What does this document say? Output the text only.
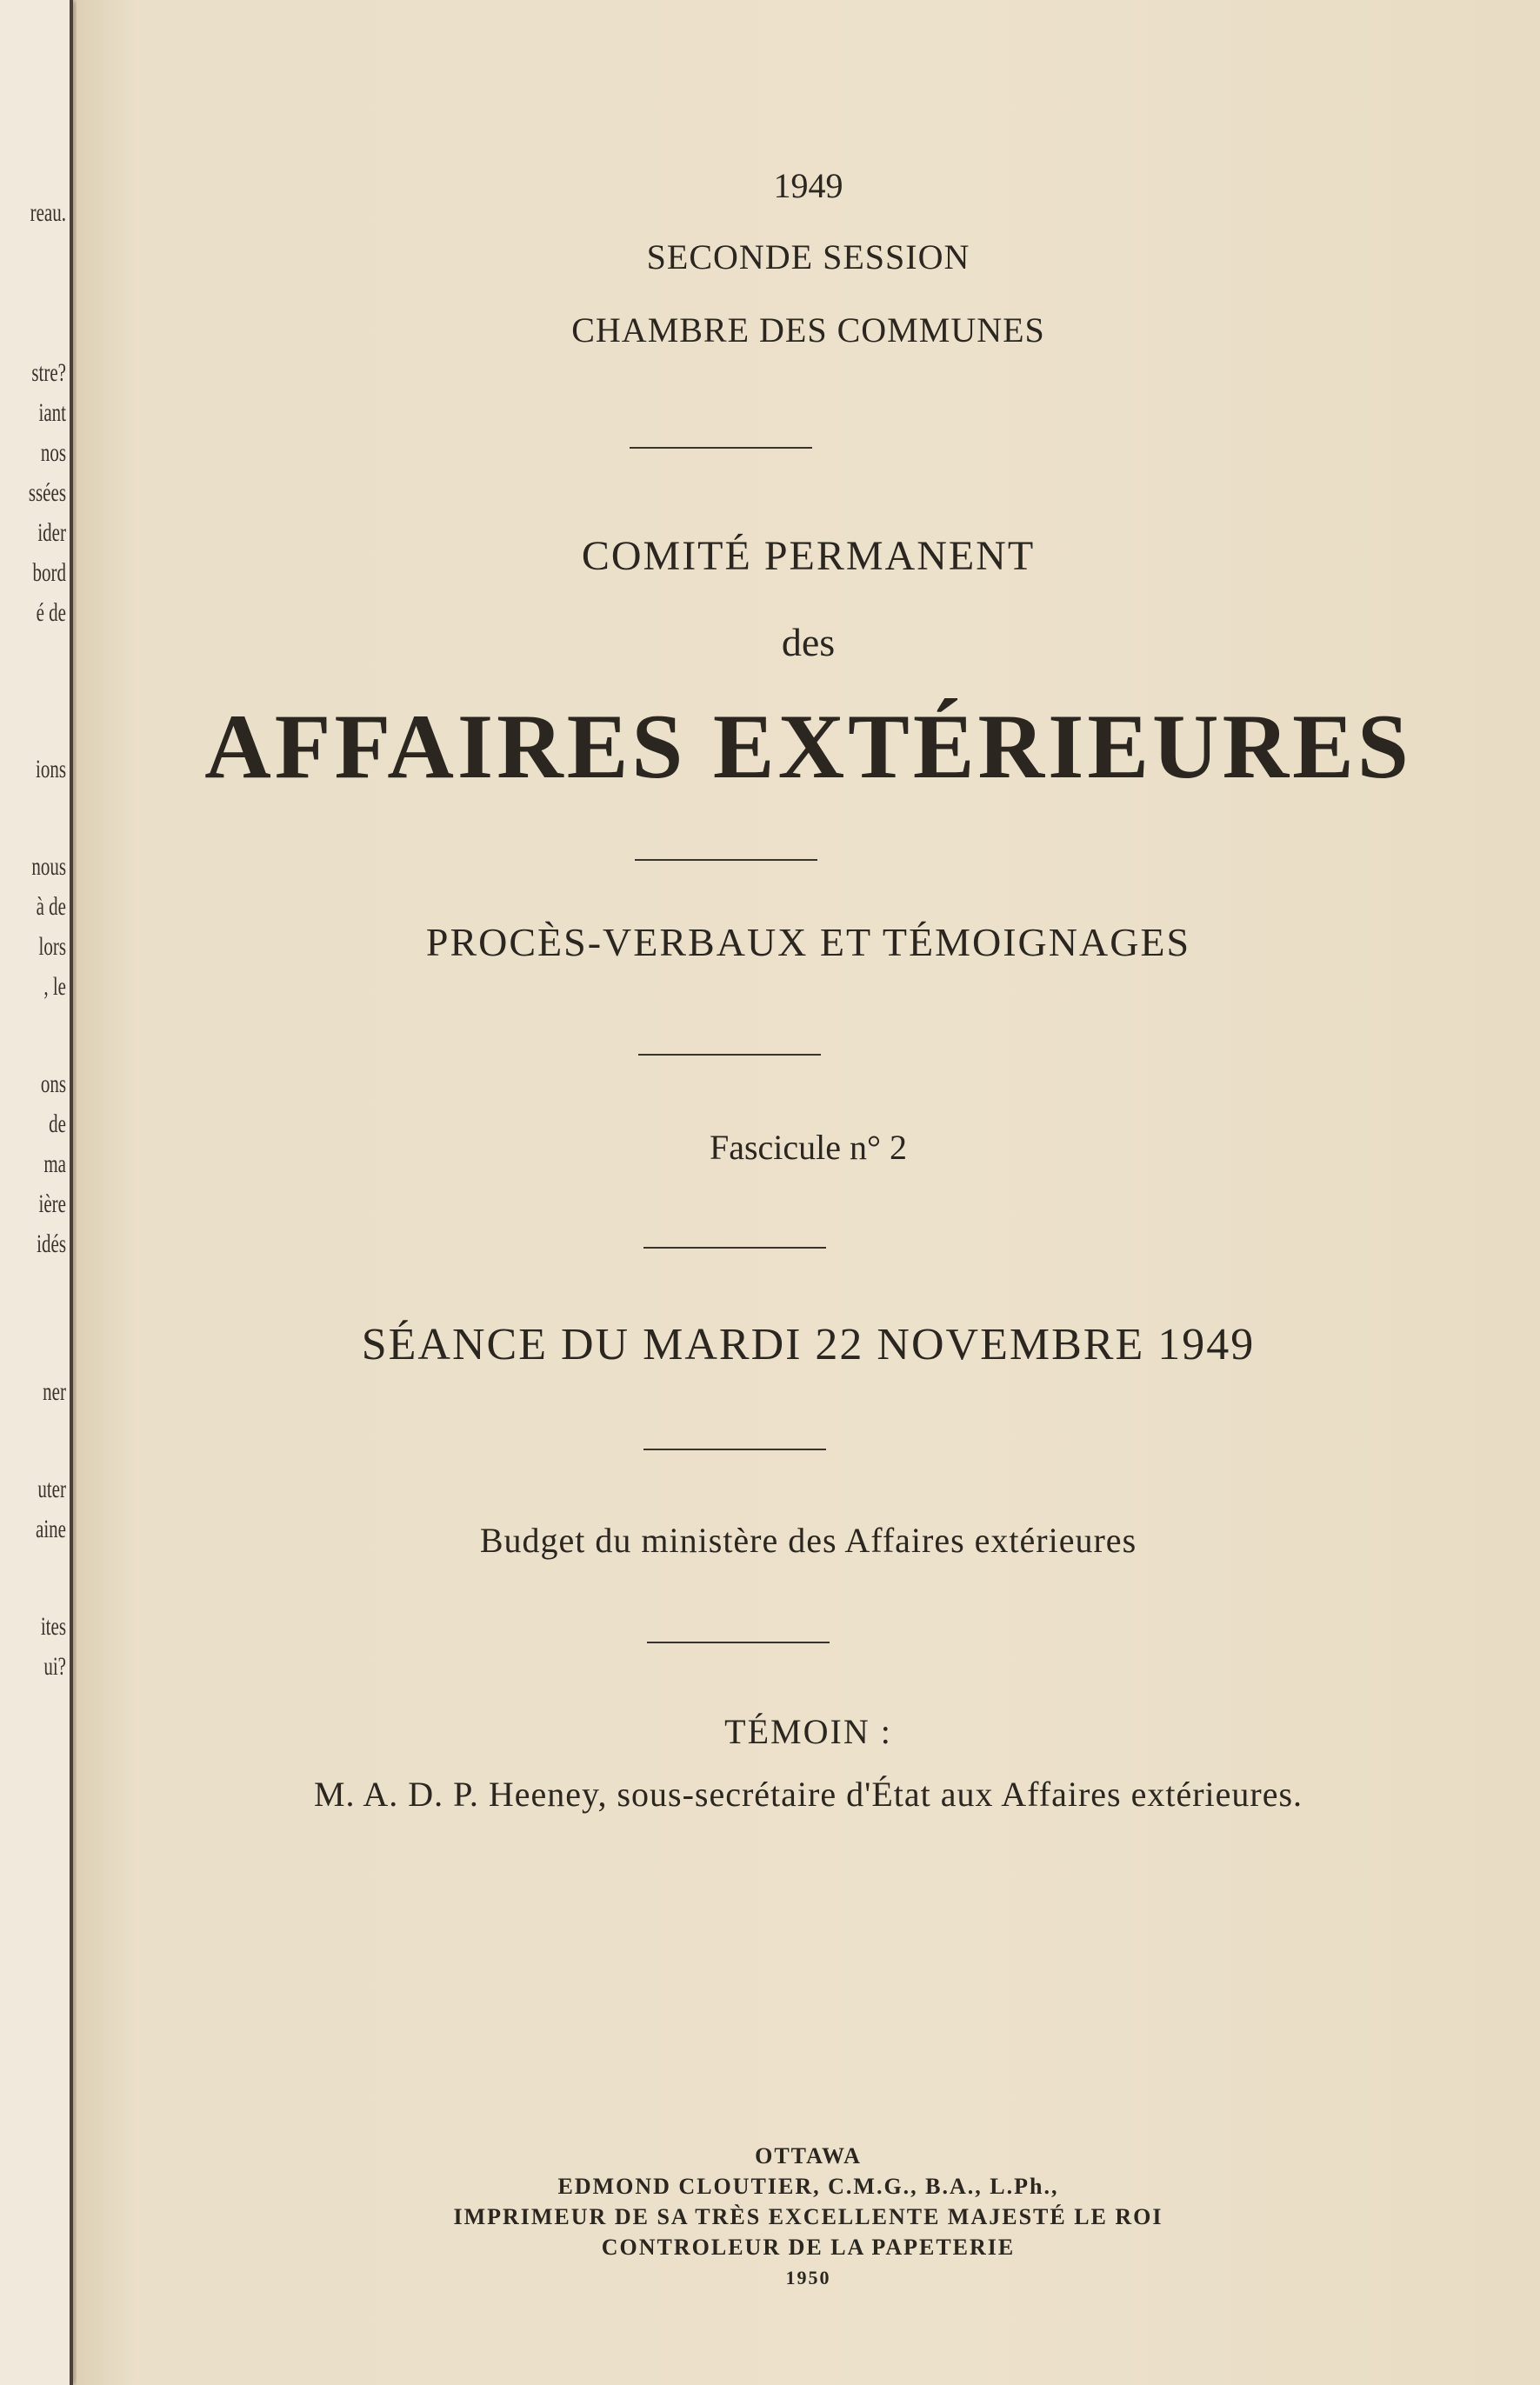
reau.
stre?
iant
nos
ssées
ider
bord
é de
ions
nous
à de
lors
, le
ons
de
ma
ière
idés
ner
uter
aine
ites
ui?
1949
SECONDE SESSION
CHAMBRE DES COMMUNES
COMITÉ PERMANENT
des
AFFAIRES EXTÉRIEURES
PROCÈS-VERBAUX ET TÉMOIGNAGES
Fascicule n° 2
SÉANCE DU MARDI 22 NOVEMBRE 1949
Budget du ministère des Affaires extérieures
TÉMOIN :
M. A. D. P. Heeney, sous-secrétaire d'État aux Affaires extérieures.
OTTAWA
EDMOND CLOUTIER, C.M.G., B.A., L.Ph.,
IMPRIMEUR DE SA TRÈS EXCELLENTE MAJESTÉ LE ROI
CONTROLEUR DE LA PAPETERIE
1950
